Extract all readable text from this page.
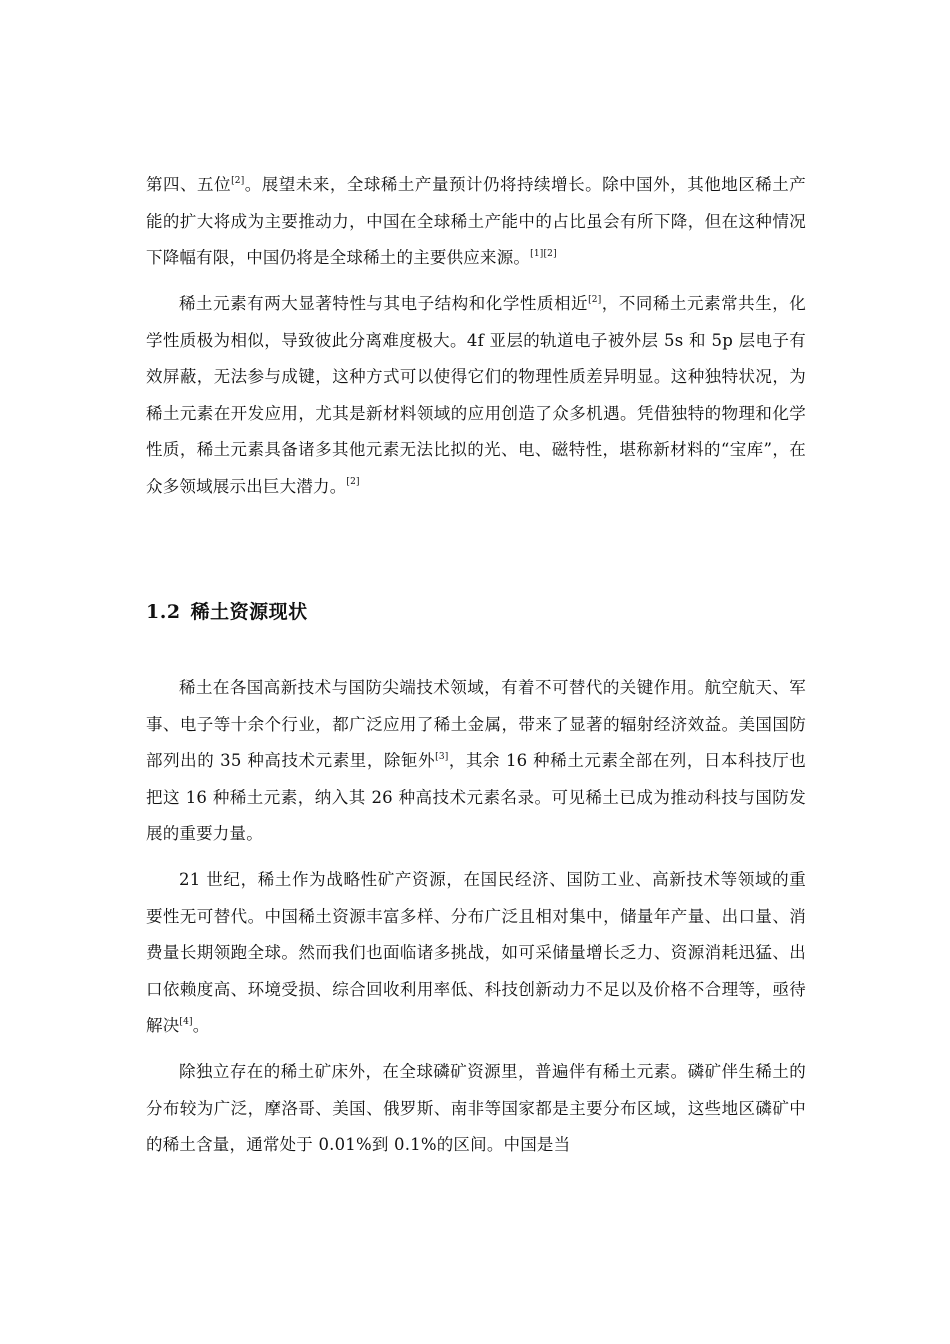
第四、五位[2]。展望未来，全球稀土产量预计仍将持续增长。除中国外，其他地区稀土产能的扩大将成为主要推动力，中国在全球稀土产能中的占比虽会有所下降，但在这种情况下降幅有限，中国仍将是全球稀土的主要供应来源。[1][2]

稀土元素有两大显著特性与其电子结构和化学性质相近[2]，不同稀土元素常共生，化学性质极为相似，导致彼此分离难度极大。4f 亚层的轨道电子被外层 5s 和 5p 层电子有效屏蔽，无法参与成键，这种方式可以使得它们的物理性质差异明显。这种独特状况，为稀土元素在开发应用，尤其是新材料领域的应用创造了众多机遇。凭借独特的物理和化学性质，稀土元素具备诸多其他元素无法比拟的光、电、磁特性，堪称新材料的“宝库”，在众多领域展示出巨大潜力。[2]

1.2 稀土资源现状

稀土在各国高新技术与国防尖端技术领域，有着不可替代的关键作用。航空航天、军事、电子等十余个行业，都广泛应用了稀土金属，带来了显著的辐射经济效益。美国国防部列出的 35 种高技术元素里，除钷外[3]，其余 16 种稀土元素全部在列，日本科技厅也把这 16 种稀土元素，纳入其 26 种高技术元素名录。可见稀土已成为推动科技与国防发展的重要力量。

21 世纪，稀土作为战略性矿产资源，在国民经济、国防工业、高新技术等领域的重要性无可替代。中国稀土资源丰富多样、分布广泛且相对集中，储量年产量、出口量、消费量长期领跑全球。然而我们也面临诸多挑战，如可采储量增长乏力、资源消耗迅猛、出口依赖度高、环境受损、综合回收利用率低、科技创新动力不足以及价格不合理等，亟待解决[4]。

除独立存在的稀土矿床外，在全球磷矿资源里，普遍伴有稀土元素。磷矿伴生稀土的分布较为广泛，摩洛哥、美国、俄罗斯、南非等国家都是主要分布区域，这些地区磷矿中的稀土含量，通常处于 0.01%到 0.1%的区间。中国是当
